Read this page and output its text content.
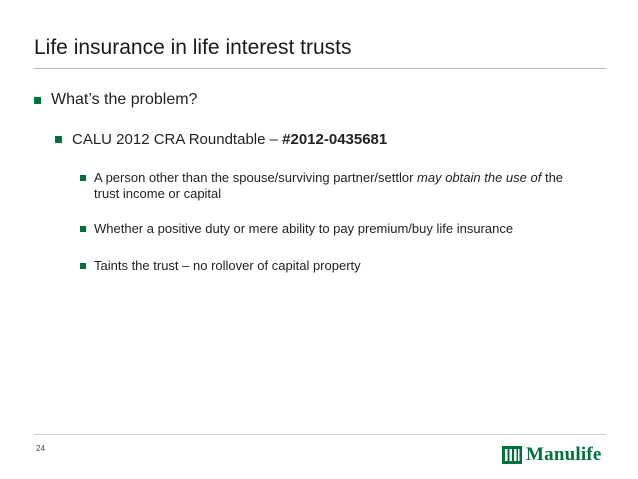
Life insurance in life interest trusts
What’s the problem?
CALU 2012 CRA Roundtable – #2012-0435681
A person other than the spouse/surviving partner/settlor may obtain the use of the trust income or capital
Whether a positive duty or mere ability to pay premium/buy life insurance
Taints the trust – no rollover of capital property
24	Manulife
